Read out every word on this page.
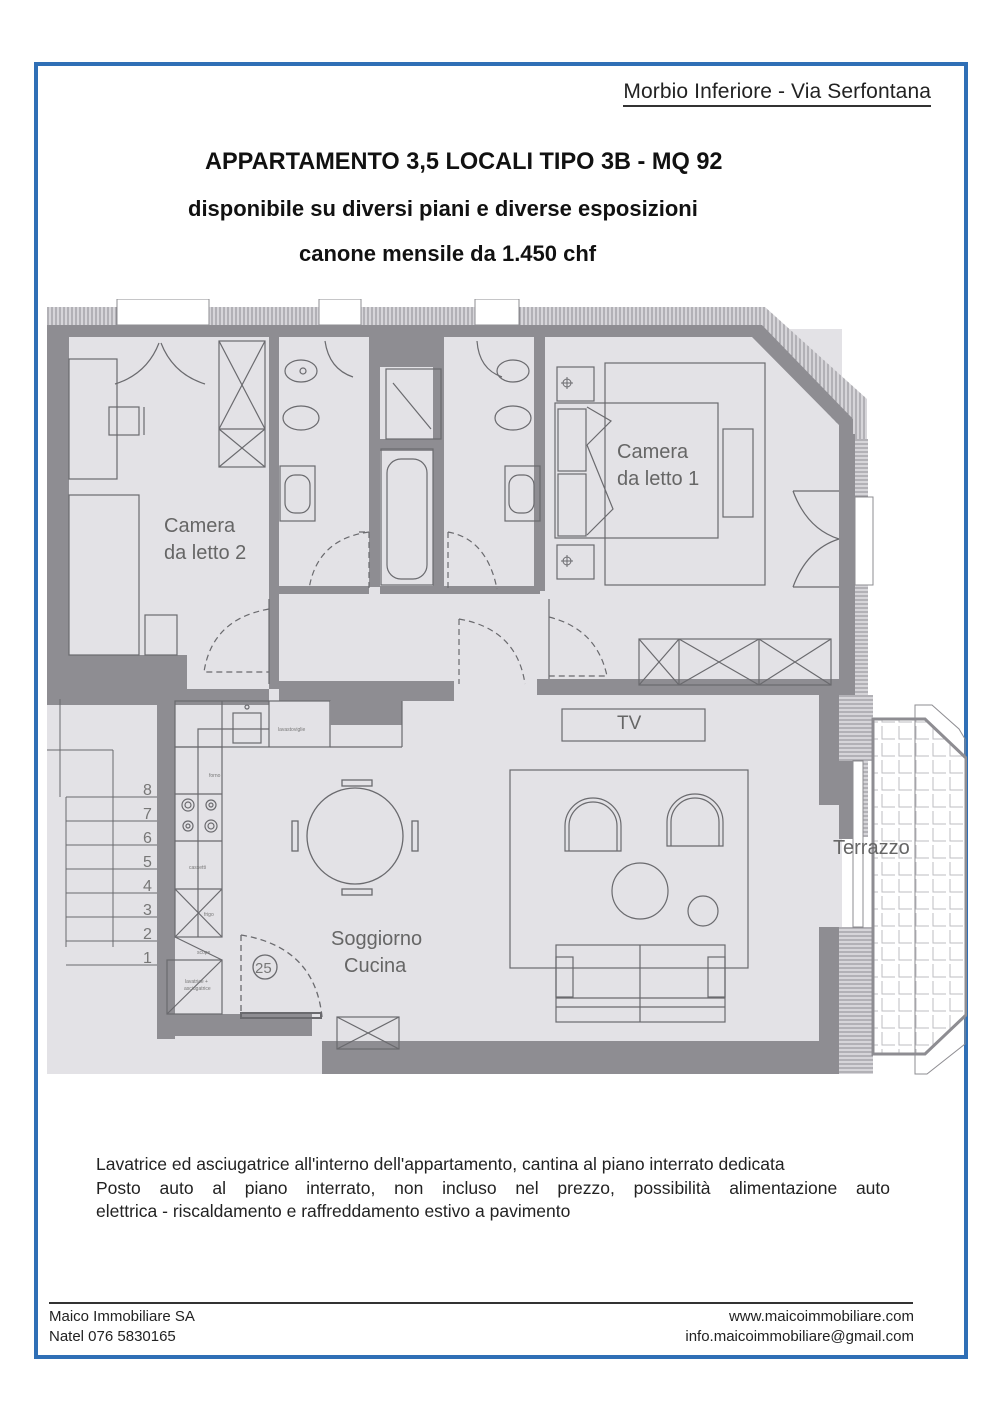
Morbio Inferiore - Via Serfontana
APPARTAMENTO 3,5 LOCALI TIPO 3B - MQ 92
disponibile su diversi piani e diverse esposizioni
canone mensile da 1.450 chf
Terrazzo
Camera
da letto 2
Camera
da letto 1
1
2
3
4
5
6
7
8
lavastoviglie
forno
cassetti
frigo
scope
lavatrice +
asciugatrice
25
Soggiorno
Cucina
TV

Lavatrice ed asciugatrice all'interno dell'appartamento, cantina al piano interrato dedicata

Posto auto al piano interrato, non incluso nel prezzo, possibilità alimentazione auto

elettrica - riscaldamento e raffreddamento estivo a pavimento

Maico Immobiliare SA
Natel 076 5830165
www.maicoimmobiliare.com
info.maicoimmobiliare@gmail.com
